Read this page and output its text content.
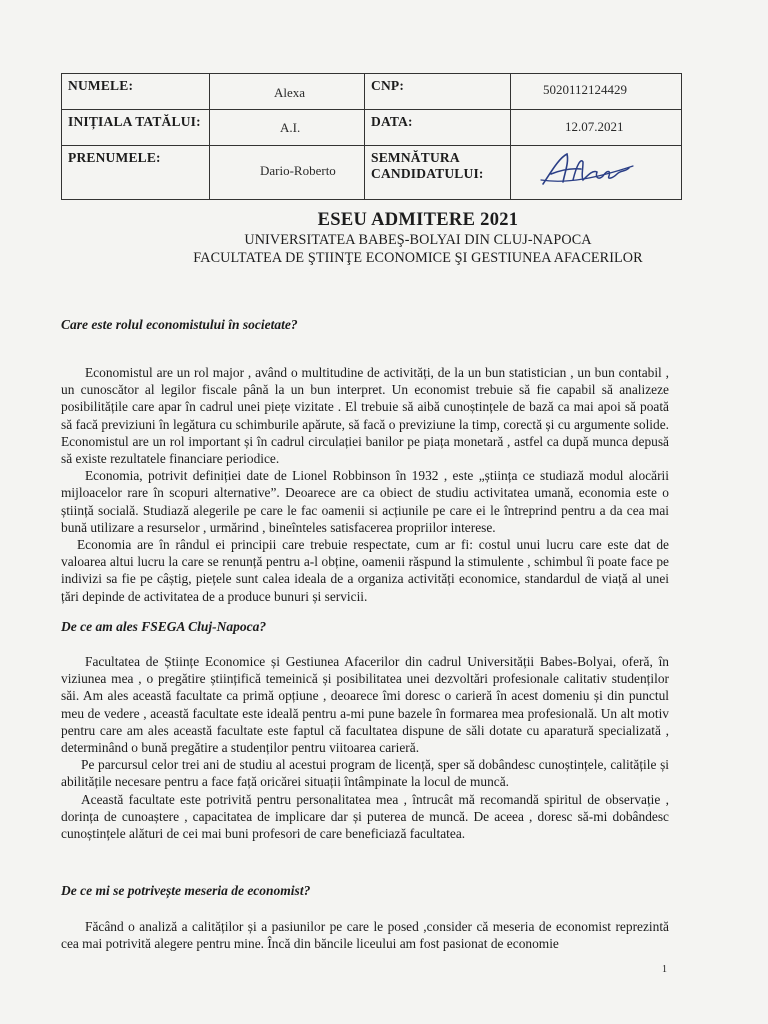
NUMELE:	Alexa	CNP:	5020112124429

INIȚIALA TATĂLUI:	A.I.	DATA:	12.07.2021

PRENUMELE:	Dario-Roberto	SEMNĂTURA
CANDIDATULUI:

ESEU ADMITERE 2021
UNIVERSITATEA BABEŞ-BOLYAI DIN CLUJ-NAPOCA
FACULTATEA DE ŞTIINŢE ECONOMICE ŞI GESTIUNEA AFACERILOR
Care este rolul economistului în societate?

Economistul are un rol major , având o multitudine de activități, de la un bun statistician , un bun contabil , un cunoscător al legilor fiscale până la un bun interpret. Un economist trebuie să fie capabil să analizeze posibilitățile care apar în cadrul unei piețe vizitate . El trebuie să aibă cunoștințele de bază ca mai apoi să poată să facă previziuni în legătura cu schimburile apărute, să facă o previziune la timp, corectă și cu argumente solide. Economistul are un rol important și în cadrul circulației banilor pe piața monetară , astfel ca după munca depusă să existe rezultatele financiare periodice.

Economia, potrivit definiției date de Lionel Robbinson în 1932 , este „știința ce studiază modul alocării mijloacelor rare în scopuri alternative”. Deoarece are ca obiect de studiu activitatea umană, economia este o științǎ socială. Studiază alegerile pe care le fac oamenii si acțiunile pe care ei le întreprind pentru a da cea mai bună utilizare a resurselor , urmărind , bineînteles satisfacerea propriilor interese.

Economia are în rândul ei principii care trebuie respectate, cum ar fi: costul unui lucru care este dat de valoarea altui lucru la care se renunță pentru a-l obține, oamenii răspund la stimulente , schimbul îi poate face pe indivizi sa fie pe câștig, piețele sunt calea ideala de a organiza activități economice, standardul de viață al unei țări depinde de activitatea de a produce bunuri și servicii.

De ce am ales FSEGA Cluj-Napoca?

Facultatea de Științe Economice și Gestiunea Afacerilor din cadrul Universității Babes-Bolyai, oferă, în viziunea mea , o pregătire științifică temeinică și posibilitatea unei dezvoltări profesionale calitativ studenților săi. Am ales această facultate ca primă opțiune , deoarece îmi doresc o carieră în acest domeniu și din punctul meu de vedere , această facultate este ideală pentru a-mi pune bazele în formarea mea profesională. Un alt motiv pentru care am ales această facultate este faptul că facultatea dispune de săli dotate cu aparatură specializată , determinând o bună pregătire a studenților pentru viitoarea carieră.

Pe parcursul celor trei ani de studiu al acestui program de licență, sper să dobândesc cunoștințele, calitățile și abilitățile necesare pentru a face față oricărei situații întâmpinate la locul de muncă.

Această facultate este potrivită pentru personalitatea mea , întrucât mă recomandă spiritul de observație , dorința de cunoaștere , capacitatea de implicare dar și puterea de muncă. De aceea , doresc să-mi dobândesc cunoștințele alături de cei mai buni profesori de care beneficiază facultatea.

De ce mi se potrivește meseria de economist?

Făcând o analiză a calităților și a pasiunilor pe care le posed ,consider că meseria de economist reprezintă cea mai potrivită alegere pentru mine. Încă din băncile liceului am fost pasionat de economie

1
